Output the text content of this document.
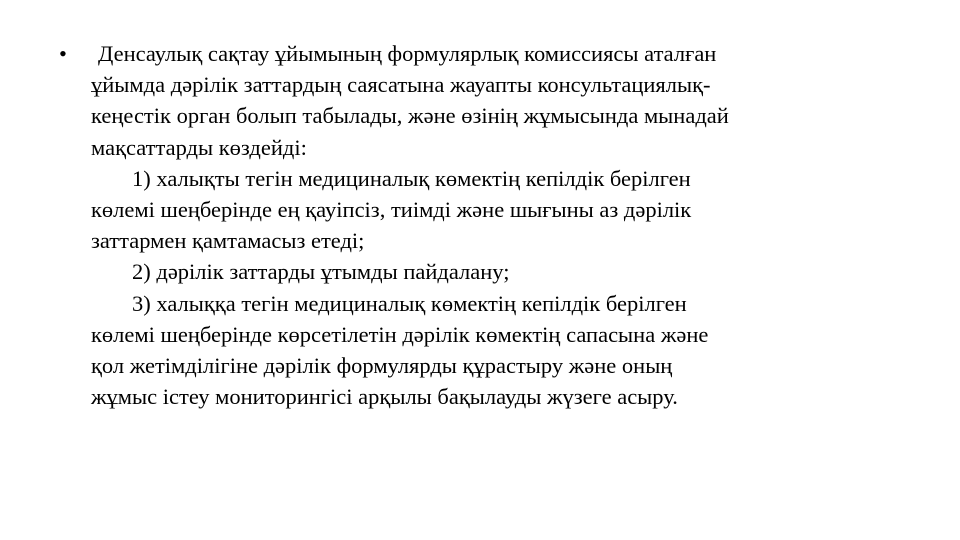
•	Денсаулық сақтау ұйымының формулярлық комиссиясы аталған
ұйымда дәрілік заттардың саясатына жауапты консультациялық-
кеңестік орган болып табылады, және өзінің жұмысында мынадай
мақсаттарды көздейді:
1) халықты тегін медициналық көмектің кепілдік берілген
көлемі шеңберінде ең қауіпсіз, тиімді және шығыны аз дәрілік
заттармен қамтамасыз етеді;
2) дәрілік заттарды ұтымды пайдалану;
3) халыққа тегін медициналық көмектің кепілдік берілген
көлемі шеңберінде көрсетілетін дәрілік көмектің сапасына және
қол жетімділігіне дәрілік формулярды құрастыру және оның
жұмыс істеу мониторингісі арқылы бақылауды жүзеге асыру.
